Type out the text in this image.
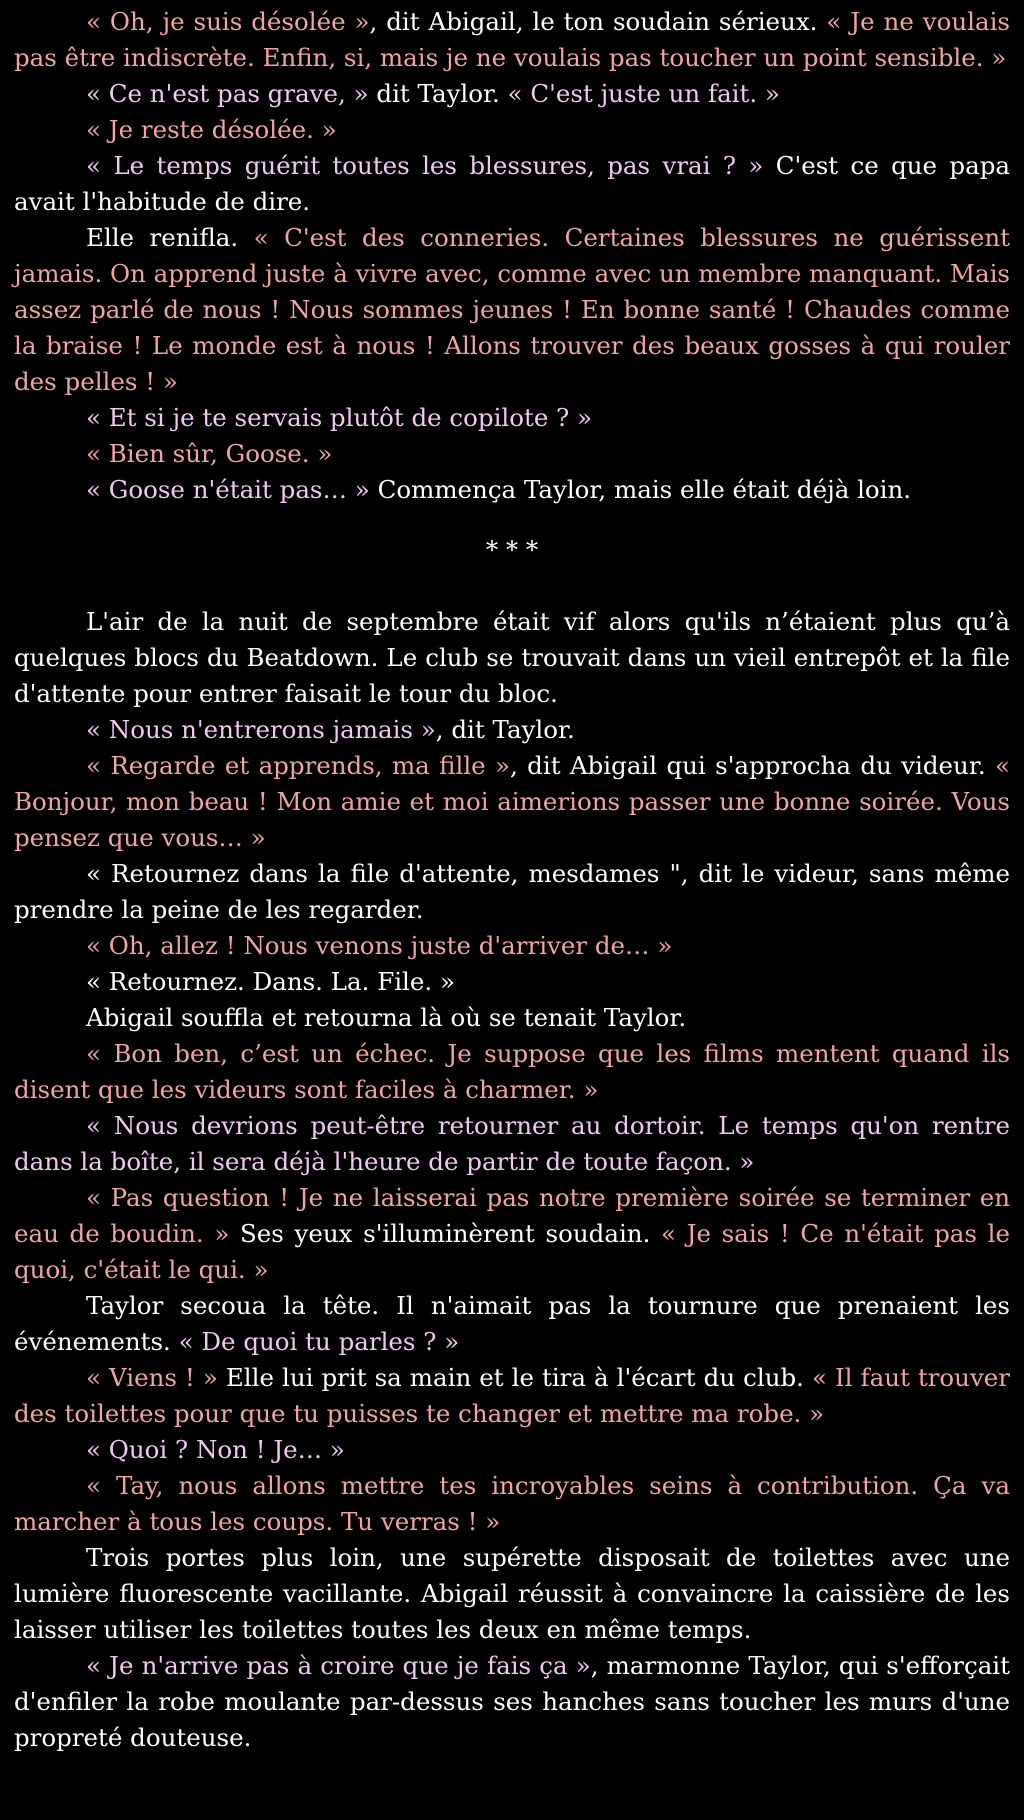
« Oh, je suis désolée », dit Abigail, le ton soudain sérieux. « Je ne voulais pas être indiscrète. Enfin, si, mais je ne voulais pas toucher un point sensible. »

« Ce n'est pas grave, » dit Taylor. « C'est juste un fait. »

« Je reste désolée. »

« Le temps guérit toutes les blessures, pas vrai ? » C'est ce que papa avait l'habitude de dire.

Elle renifla. « C'est des conneries. Certaines blessures ne guérissent jamais. On apprend juste à vivre avec, comme avec un membre manquant. Mais assez parlé de nous ! Nous sommes jeunes ! En bonne santé ! Chaudes comme la braise ! Le monde est à nous ! Allons trouver des beaux gosses à qui rouler des pelles ! »

« Et si je te servais plutôt de copilote ? »

« Bien sûr, Goose. »

« Goose n'était pas… » Commença Taylor, mais elle était déjà loin.

* * *

L'air de la nuit de septembre était vif alors qu'ils n’étaient plus qu’à quelques blocs du Beatdown. Le club se trouvait dans un vieil entrepôt et la file d'attente pour entrer faisait le tour du bloc.

« Nous n'entrerons jamais », dit Taylor.

« Regarde et apprends, ma fille », dit Abigail qui s'approcha du videur. « Bonjour, mon beau ! Mon amie et moi aimerions passer une bonne soirée. Vous pensez que vous… »

« Retournez dans la file d'attente, mesdames ", dit le videur, sans même prendre la peine de les regarder.

« Oh, allez ! Nous venons juste d'arriver de… »

« Retournez. Dans. La. File. »

Abigail souffla et retourna là où se tenait Taylor.

« Bon ben, c’est un échec. Je suppose que les films mentent quand ils disent que les videurs sont faciles à charmer. »

« Nous devrions peut-être retourner au dortoir. Le temps qu'on rentre dans la boîte, il sera déjà l'heure de partir de toute façon. »

« Pas question ! Je ne laisserai pas notre première soirée se terminer en eau de boudin. » Ses yeux s'illuminèrent soudain. « Je sais ! Ce n'était pas le quoi, c'était le qui. »

Taylor secoua la tête. Il n'aimait pas la tournure que prenaient les événements. « De quoi tu parles ? »

« Viens ! » Elle lui prit sa main et le tira à l'écart du club. « Il faut trouver des toilettes pour que tu puisses te changer et mettre ma robe. »

« Quoi ? Non ! Je… »

« Tay, nous allons mettre tes incroyables seins à contribution. Ça va marcher à tous les coups. Tu verras ! »

Trois portes plus loin, une supérette disposait de toilettes avec une lumière fluorescente vacillante. Abigail réussit à convaincre la caissière de les laisser utiliser les toilettes toutes les deux en même temps.

« Je n'arrive pas à croire que je fais ça », marmonne Taylor, qui s'efforçait d'enfiler la robe moulante par-dessus ses hanches sans toucher les murs d'une propreté douteuse.
